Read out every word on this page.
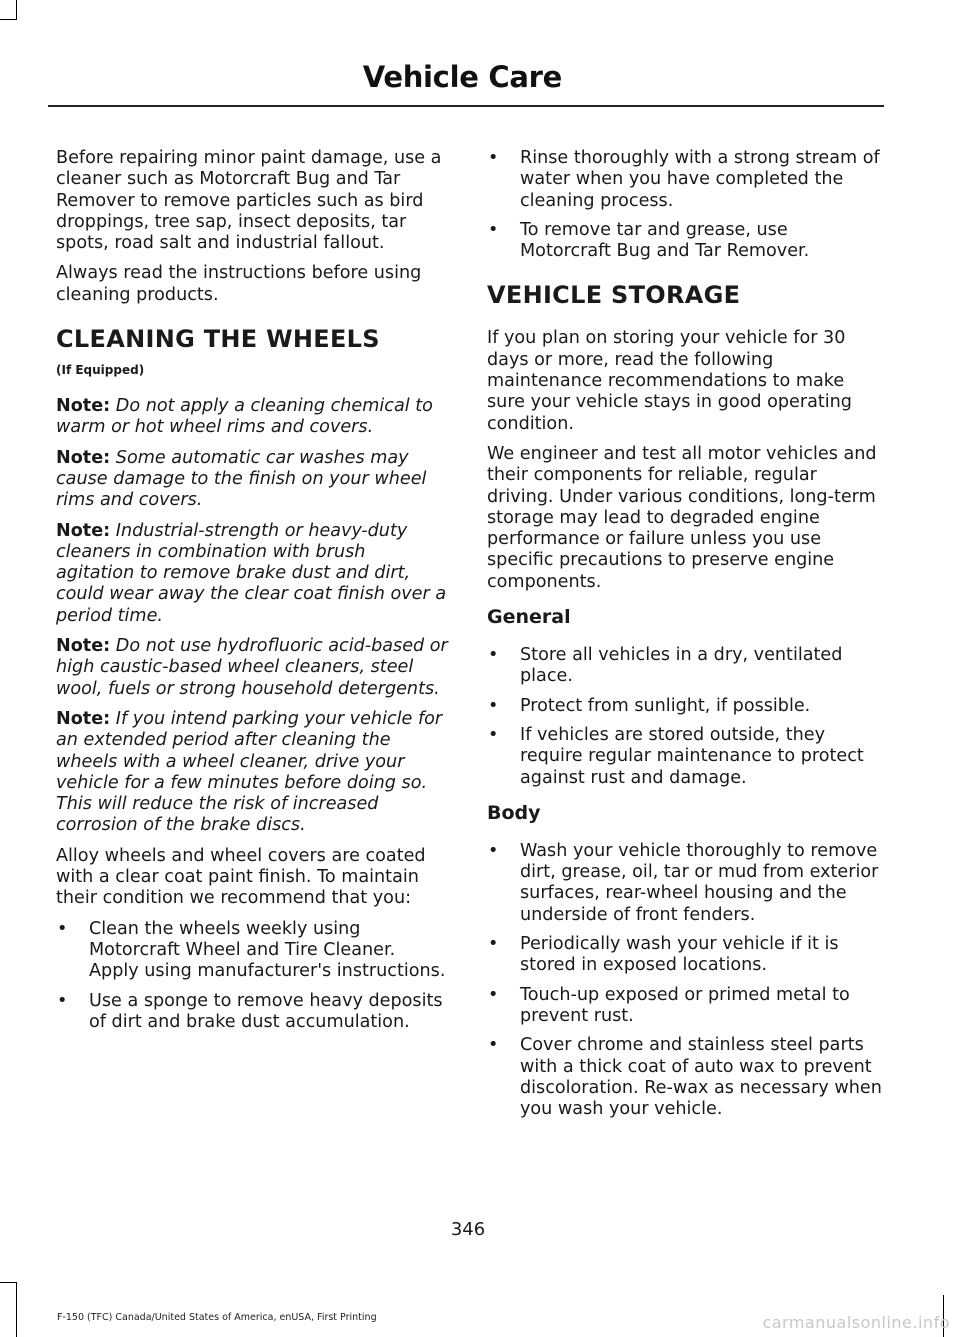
Vehicle Care

Before repairing minor paint damage, use a cleaner such as Motorcraft Bug and Tar Remover to remove particles such as bird droppings, tree sap, insect deposits, tar spots, road salt and industrial fallout.

Always read the instructions before using cleaning products.

CLEANING THE WHEELS
(If Equipped)

Note: Do not apply a cleaning chemical to warm or hot wheel rims and covers.

Note: Some automatic car washes may cause damage to the finish on your wheel rims and covers.

Note: Industrial-strength or heavy-duty cleaners in combination with brush agitation to remove brake dust and dirt, could wear away the clear coat finish over a period time.

Note: Do not use hydrofluoric acid-based or high caustic-based wheel cleaners, steel wool, fuels or strong household detergents.

Note: If you intend parking your vehicle for an extended period after cleaning the wheels with a wheel cleaner, drive your vehicle for a few minutes before doing so. This will reduce the risk of increased corrosion of the brake discs.

Alloy wheels and wheel covers are coated with a clear coat paint finish. To maintain their condition we recommend that you:

• Clean the wheels weekly using Motorcraft Wheel and Tire Cleaner. Apply using manufacturer's instructions.
• Use a sponge to remove heavy deposits of dirt and brake dust accumulation.
• Rinse thoroughly with a strong stream of water when you have completed the cleaning process.
• To remove tar and grease, use Motorcraft Bug and Tar Remover.
VEHICLE STORAGE

If you plan on storing your vehicle for 30 days or more, read the following maintenance recommendations to make sure your vehicle stays in good operating condition.

We engineer and test all motor vehicles and their components for reliable, regular driving. Under various conditions, long-term storage may lead to degraded engine performance or failure unless you use specific precautions to preserve engine components.

General
• Store all vehicles in a dry, ventilated place.
• Protect from sunlight, if possible.
• If vehicles are stored outside, they require regular maintenance to protect against rust and damage.
Body
• Wash your vehicle thoroughly to remove dirt, grease, oil, tar or mud from exterior surfaces, rear-wheel housing and the underside of front fenders.
• Periodically wash your vehicle if it is stored in exposed locations.
• Touch-up exposed or primed metal to prevent rust.
• Cover chrome and stainless steel parts with a thick coat of auto wax to prevent discoloration. Re-wax as necessary when you wash your vehicle.
346
F-150 (TFC) Canada/United States of America, enUSA, First Printing	carmanualsonline.info
